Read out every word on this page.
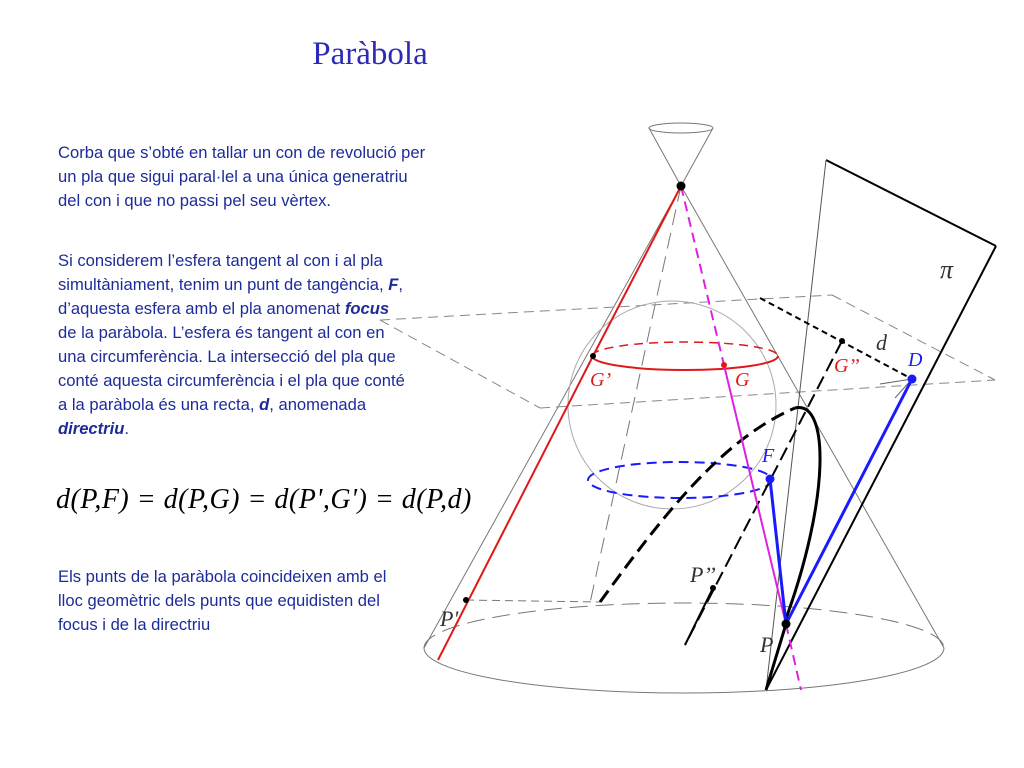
Paràbola
Corba que s’obté en tallar un con de revolució per un pla que sigui paral·lel a una única generatriu del con i que no passi pel seu vèrtex.
Si considerem l’esfera tangent al con i al pla simultàniament, tenim un punt de tangència, F, d’aquesta esfera amb el pla anomenat focus de la paràbola. L’esfera és tangent al con en una circumferència. La intersecció del pla que conté aquesta circumferència i el pla que conté a la paràbola és una recta, d, anomenada directriu.
d(P,F) = d(P,G) = d(P',G') = d(P,d)
Els punts de la paràbola coincideixen amb el lloc geomètric dels punts que equidisten del focus i de la directriu
π
d
D
F
G
G’
G’’
P
P'
P’’
